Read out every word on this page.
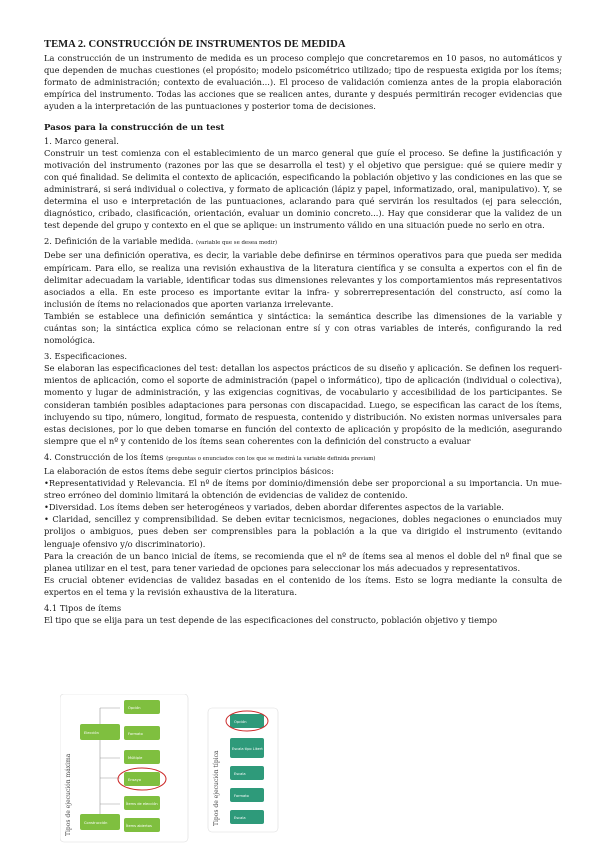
TEMA 2. CONSTRUCCIÓN DE INSTRUMENTOS DE MEDIDA

La construcción de un instrumento de medida es un proceso complejo que concretaremos en 10 pasos, no automáticos y que dependen de muchas cuestiones (el propósito; modelo psicométrico utilizado; tipo de respuesta exigida por los ítems; formato de administración; contexto de evaluación...). El proceso de validación comienza antes de la propia elaboración empírica del instrumento. Todas las acciones que se realicen antes, durante y después permitirán recoger evidencias que ayuden a la interpretación de las puntuaciones y posterior toma de decisiones.

Pasos para la construcción de un test
1. Marco general.

Construir un test comienza con el establecimiento de un marco general que guíe el proceso. Se define la justificación y motivación del instrumento (razones por las que se desarrolla el test) y el objetivo que persigue: qué se quiere medir y con qué finalidad. Se delimita el contexto de aplicación, especificando la población objetivo y las condiciones en las que se administrará, si será individual o colectiva, y formato de aplicación (lápiz y papel, informatizado, oral, manipulativo). Y, se determina el uso e interpretación de las puntuaciones, aclarando para qué servirán los resultados (ej para selección, diagnóstico, cribado, clasificación, orientación, evaluar un dominio concreto...). Hay que considerar que la validez de un test depende del grupo y contexto en el que se aplique: un instrumento válido en una situación puede no serlo en otra.

2. Definición de la variable medida. (variable que se desea medir)

Debe ser una definición operativa, es decir, la variable debe definirse en términos operativos para que pueda ser medida empíricam. Para ello, se realiza una revisión exhaustiva de la literatura científica y se consulta a expertos con el fin de delimitar adecuadam la variable, identificar todas sus dimensiones relevantes y los comportamientos más representativos asociados a ella. En este proceso es importante evitar la infra- y sobrerrepresentación del constructo, así como la inclusión de ítems no relacionados que aporten varianza irrelevante.

También se establece una definición semántica y sintáctica: la semántica describe las dimensiones de la variable y cuántas son; la sintáctica explica cómo se relacionan entre sí y con otras variables de interés, configurando la red nomológica.

3. Especificaciones.

Se elaboran las especificaciones del test: detallan los aspectos prácticos de su diseño y aplicación. Se definen los requeri-mientos de aplicación, como el soporte de administración (papel o informático), tipo de aplicación (individual o colectiva), momento y lugar de administración, y las exigencias cognitivas, de vocabulario y accesibilidad de los participantes. Se consideran también posibles adaptaciones para personas con discapacidad. Luego, se especifican las caract de los ítems, incluyendo su tipo, número, longitud, formato de respuesta, contenido y distribución. No existen normas universales para estas decisiones, por lo que deben tomarse en función del contexto de aplicación y propósito de la medición, asegurando siempre que el nº y contenido de los ítems sean coherentes con la definición del constructo a evaluar

4. Construcción de los ítems (preguntas o enunciados con los que se medirá la variable definida previam)

La elaboración de estos ítems debe seguir ciertos principios básicos:

•Representatividad y Relevancia. El nº de ítems por dominio/dimensión debe ser proporcional a su importancia. Un mue-streo erróneo del dominio limitará la obtención de evidencias de validez de contenido.

•Diversidad. Los ítems deben ser heterogéneos y variados, deben abordar diferentes aspectos de la variable.

• Claridad, sencillez y comprensibilidad. Se deben evitar tecnicismos, negaciones, dobles negaciones o enunciados muy prolijos o ambiguos, pues deben ser comprensibles para la población a la que va dirigido el instrumento (evitando lenguaje ofensivo y/o discriminatorio).

Para la creación de un banco inicial de ítems, se recomienda que el nº de ítems sea al menos el doble del nº final que se planea utilizar en el test, para tener variedad de opciones para seleccionar los más adecuados y representativos.

Es crucial obtener evidencias de validez basadas en el contenido de los ítems. Esto se logra mediante la consulta de expertos en el tema y la revisión exhaustiva de la literatura.

4.1 Tipos de ítems

El tipo que se elija para un test depende de las especificaciones del constructo, población objetivo y tiempo

Tipos de ejecución máxima
Elección
Construcción
Opción
Formato
Múltiple
Ensayo
Ítems de elección
Ítems abiertos	Tipos de ejecución típica
Opción
Escala tipo Likert
Escala
Formato
Escala
